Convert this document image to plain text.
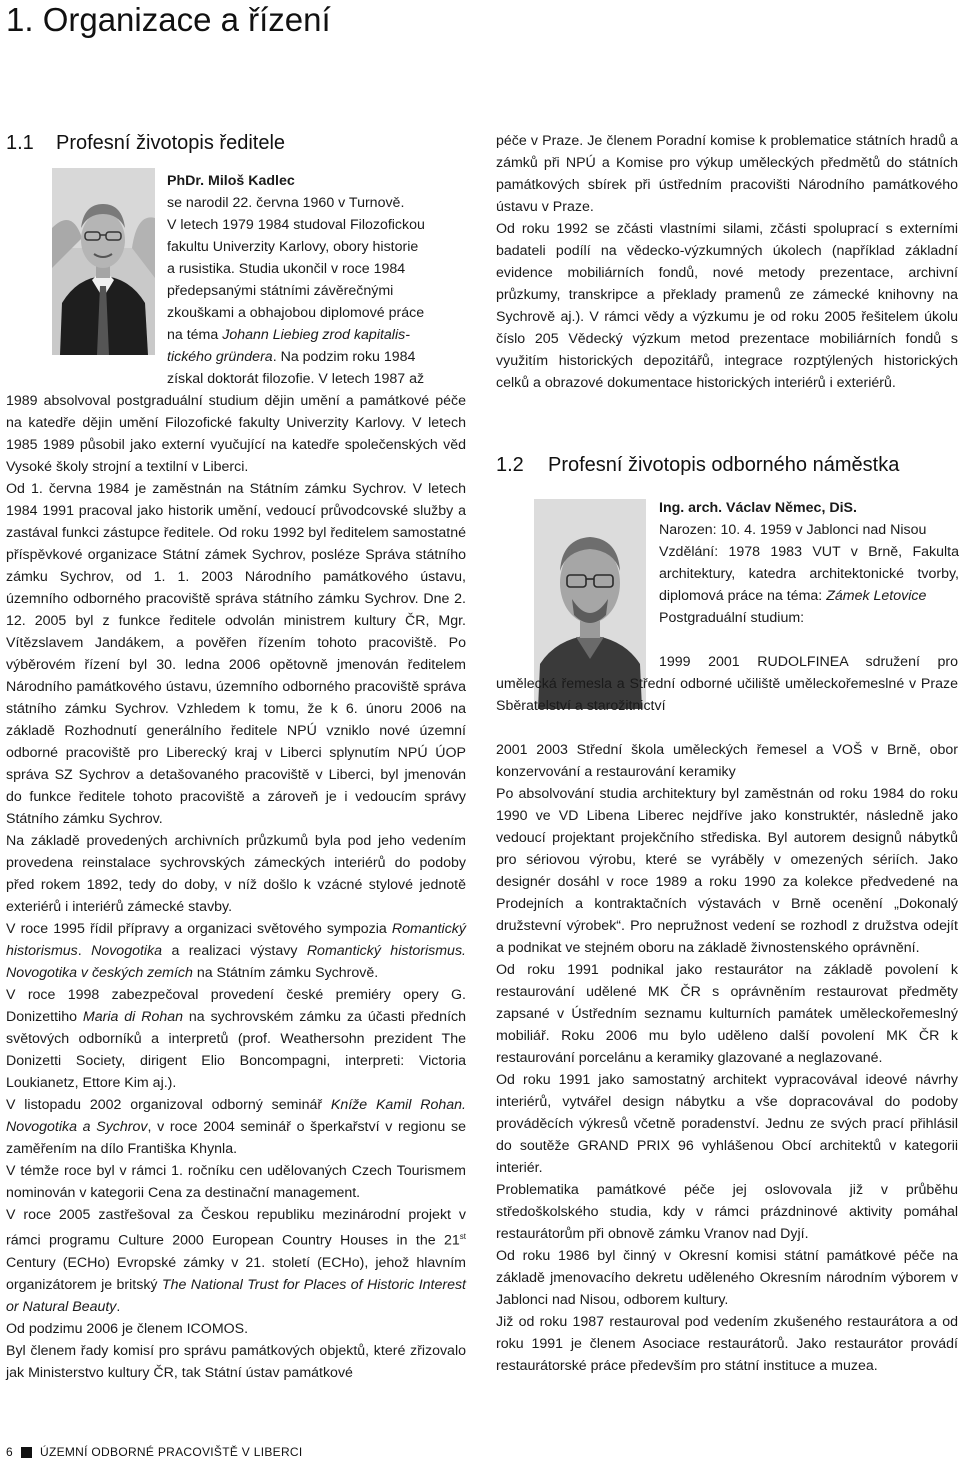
1. Organizace a řízení
1.1 Profesní životopis ředitele

PhDr. Miloš Kadlec

se narodil 22. června 1960 v Turnově.

V letech 1979 1984 studoval Filozofickou

fakultu Univerzity Karlovy, obory historie

a rusistika. Studia ukončil v roce 1984

předepsanými státními závěrečnými

zkouškami a obhajobou diplomové práce

na téma Johann Liebieg zrod kapitalis-

tického gründera. Na podzim roku 1984

získal doktorát filozofie. V letech 1987 až

1989 absolvoval postgraduální studium dějin umění a památkové péče na katedře dějin umění Filozofické fakulty Univerzity Karlovy. V letech 1985 1989 působil jako externí vyučující na katedře společenských věd Vysoké školy strojní a textilní v Liberci.

Od 1. června 1984 je zaměstnán na Státním zámku Sychrov. V letech 1984 1991 pracoval jako historik umění, vedoucí průvodcovské služby a zastával funkci zástupce ředitele. Od roku 1992 byl ředitelem samostatné příspěvkové organizace Státní zámek Sychrov, posléze Správa státního zámku Sychrov, od 1. 1. 2003 Národního památkového ústavu, územního odborného pracoviště správa státního zámku Sychrov. Dne 2. 12. 2005 byl z funkce ředitele odvolán ministrem kultury ČR, Mgr. Vítězslavem Jandákem, a pověřen řízením tohoto pracoviště. Po výběrovém řízení byl 30. ledna 2006 opětovně jmenován ředitelem Národního památkového ústavu, územního odborného pracoviště správa státního zámku Sychrov. Vzhledem k tomu, že k 6. únoru 2006 na základě Rozhodnutí generálního ředitele NPÚ vzniklo nové územní odborné pracoviště pro Liberecký kraj v Liberci splynutím NPÚ ÚOP správa SZ Sychrov a detašovaného pracoviště v Liberci, byl jmenován do funkce ředitele tohoto pracoviště a zároveň je i vedoucím správy Státního zámku Sychrov.

Na základě provedených archivních průzkumů byla pod jeho vedením provedena reinstalace sychrovských zámeckých interiérů do podoby před rokem 1892, tedy do doby, v níž došlo k vzácné stylové jednotě exteriérů i interiérů zámecké stavby.

V roce 1995 řídil přípravy a organizaci světového sympozia Romantický historismus. Novogotika a realizaci výstavy Romantický historismus. Novogotika v českých zemích na Státním zámku Sychrově.

V roce 1998 zabezpečoval provedení české premiéry opery G. Donizettiho Maria di Rohan na sychrovském zámku za účasti předních světových odborníků a interpretů (prof. Weathersohn prezident The Donizetti Society, dirigent Elio Boncompagni, interpreti: Victoria Loukianetz, Ettore Kim aj.).

V listopadu 2002 organizoval odborný seminář Kníže Kamil Rohan. Novogotika a Sychrov, v roce 2004 seminář o šperkařství v regionu se zaměřením na dílo Františka Khynla.

V témže roce byl v rámci 1. ročníku cen udělovaných Czech Tourismem nominován v kategorii Cena za destinační management.

V roce 2005 zastřešoval za Českou republiku mezinárodní projekt v rámci programu Culture 2000 European Country Houses in the 21st Century (ECHo) Evropské zámky v 21. století (ECHo), jehož hlavním organizátorem je britský The National Trust for Places of Historic Interest or Natural Beauty.

Od podzimu 2006 je členem ICOMOS.

Byl členem řady komisí pro správu památkových objektů, které zřizovalo jak Ministerstvo kultury ČR, tak Státní ústav památkové

péče v Praze. Je členem Poradní komise k problematice státních hradů a zámků při NPÚ a Komise pro výkup uměleckých předmětů do státních památkových sbírek při ústředním pracovišti Národního památkového ústavu v Praze.

Od roku 1992 se zčásti vlastními silami, zčásti spoluprací s externími badateli podílí na vědecko-výzkumných úkolech (například základní evidence mobiliárních fondů, nové metody prezentace, archivní průzkumy, transkripce a překlady pramenů ze zámecké knihovny na Sychrově aj.). V rámci vědy a výzkumu je od roku 2005 řešitelem úkolu číslo 205 Vědecký výzkum metod prezentace mobiliárních fondů s využitím historických depozitářů, integrace rozptýlených historických celků a obrazové dokumentace historických interiérů i exteriérů.

1.2 Profesní životopis odborného náměstka

Ing. arch. Václav Němec, DiS.

Narozen: 10. 4. 1959 v Jablonci nad Nisou

Vzdělání: 1978 1983 VUT v Brně, Fakulta architektury, katedra architektonické tvorby, diplomová práce na téma: Zámek Letovice

Postgraduální studium:

1999 2001 RUDOLFINEA sdružení pro umělecká řemesla a Střední odborné učiliště uměleckořemeslné v Praze Sběratelství a starožitnictví

2001 2003 Střední škola uměleckých řemesel a VOŠ v Brně, obor konzervování a restaurování keramiky

Po absolvování studia architektury byl zaměstnán od roku 1984 do roku 1990 ve VD Libena Liberec nejdříve jako konstruktér, následně jako vedoucí projektant projekčního střediska. Byl autorem designů nábytků pro sériovou výrobu, které se vyráběly v omezených sériích. Jako designér dosáhl v roce 1989 a roku 1990 za kolekce předvedené na Prodejních a kontraktačních výstavách v Brně ocenění „Dokonalý družstevní výrobek“. Pro nepružnost vedení se rozhodl z družstva odejít a podnikat ve stejném oboru na základě živnostenského oprávnění.

Od roku 1991 podnikal jako restaurátor na základě povolení k restaurování udělené MK ČR s oprávněním restaurovat předměty zapsané v Ústředním seznamu kulturních památek uměleckořemeslný mobiliář. Roku 2006 mu bylo uděleno další povolení MK ČR k restaurování porcelánu a keramiky glazované a neglazované.

Od roku 1991 jako samostatný architekt vypracovával ideové návrhy interiérů, vytvářel design nábytku a vše dopracovával do podoby prováděcích výkresů včetně poradenství. Jednu ze svých prací přihlásil do soutěže GRAND PRIX 96 vyhlášenou Obcí architektů v kategorii interiér.

Problematika památkové péče jej oslovovala již v průběhu středoškolského studia, kdy v rámci prázdninové aktivity pomáhal restaurátorům při obnově zámku Vranov nad Dyjí.

Od roku 1986 byl činný v Okresní komisi státní památkové péče na základě jmenovacího dekretu uděleného Okresním národním výborem v Jablonci nad Nisou, odborem kultury.

Již od roku 1987 restauroval pod vedením zkušeného restaurátora a od roku 1991 je členem Asociace restaurátorů. Jako restaurátor provádí restaurátorské práce především pro státní instituce a muzea.

6 ÚZEMNÍ ODBORNÉ PRACOVIŠTĚ V LIBERCI
